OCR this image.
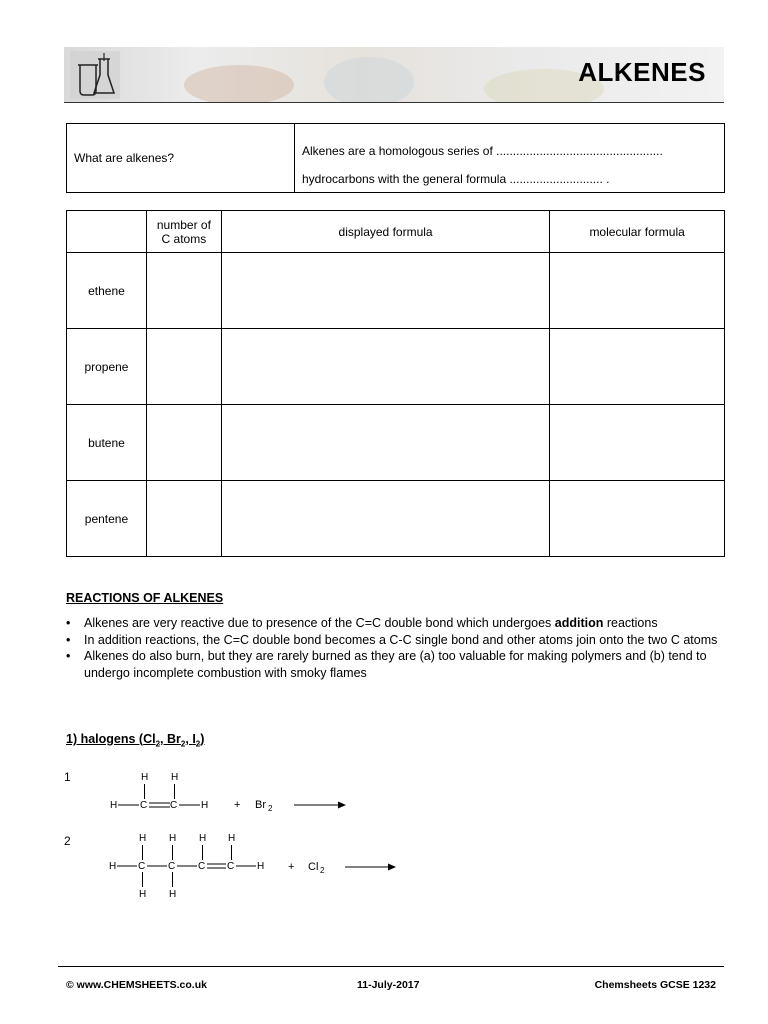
ALKENES
What are alkenes?	Alkenes are a homologous series of ..................................................
hydrocarbons with the general formula ............................ .
	number of C atoms	displayed formula	molecular formula
ethene			
propene			
butene			
pentene			
REACTIONS OF ALKENES
• Alkenes are very reactive due to presence of the C=C double bond which undergoes addition reactions
• In addition reactions, the C=C double bond becomes a C-C single bond and other atoms join onto the two C atoms
• Alkenes do also burn, but they are rarely burned as they are (a) too valuable for making polymers and (b) tend to undergo incomplete combustion with smoky flames
1) halogens ($Cl_2$, $Br_2$, $I_2$)
1
2
H H
H C C H + Br 2
H H H H
H C C C C H
H H
+ Cl 2
© www.CHEMSHEETS.co.uk	11-July-2017	Chemsheets GCSE 1232
